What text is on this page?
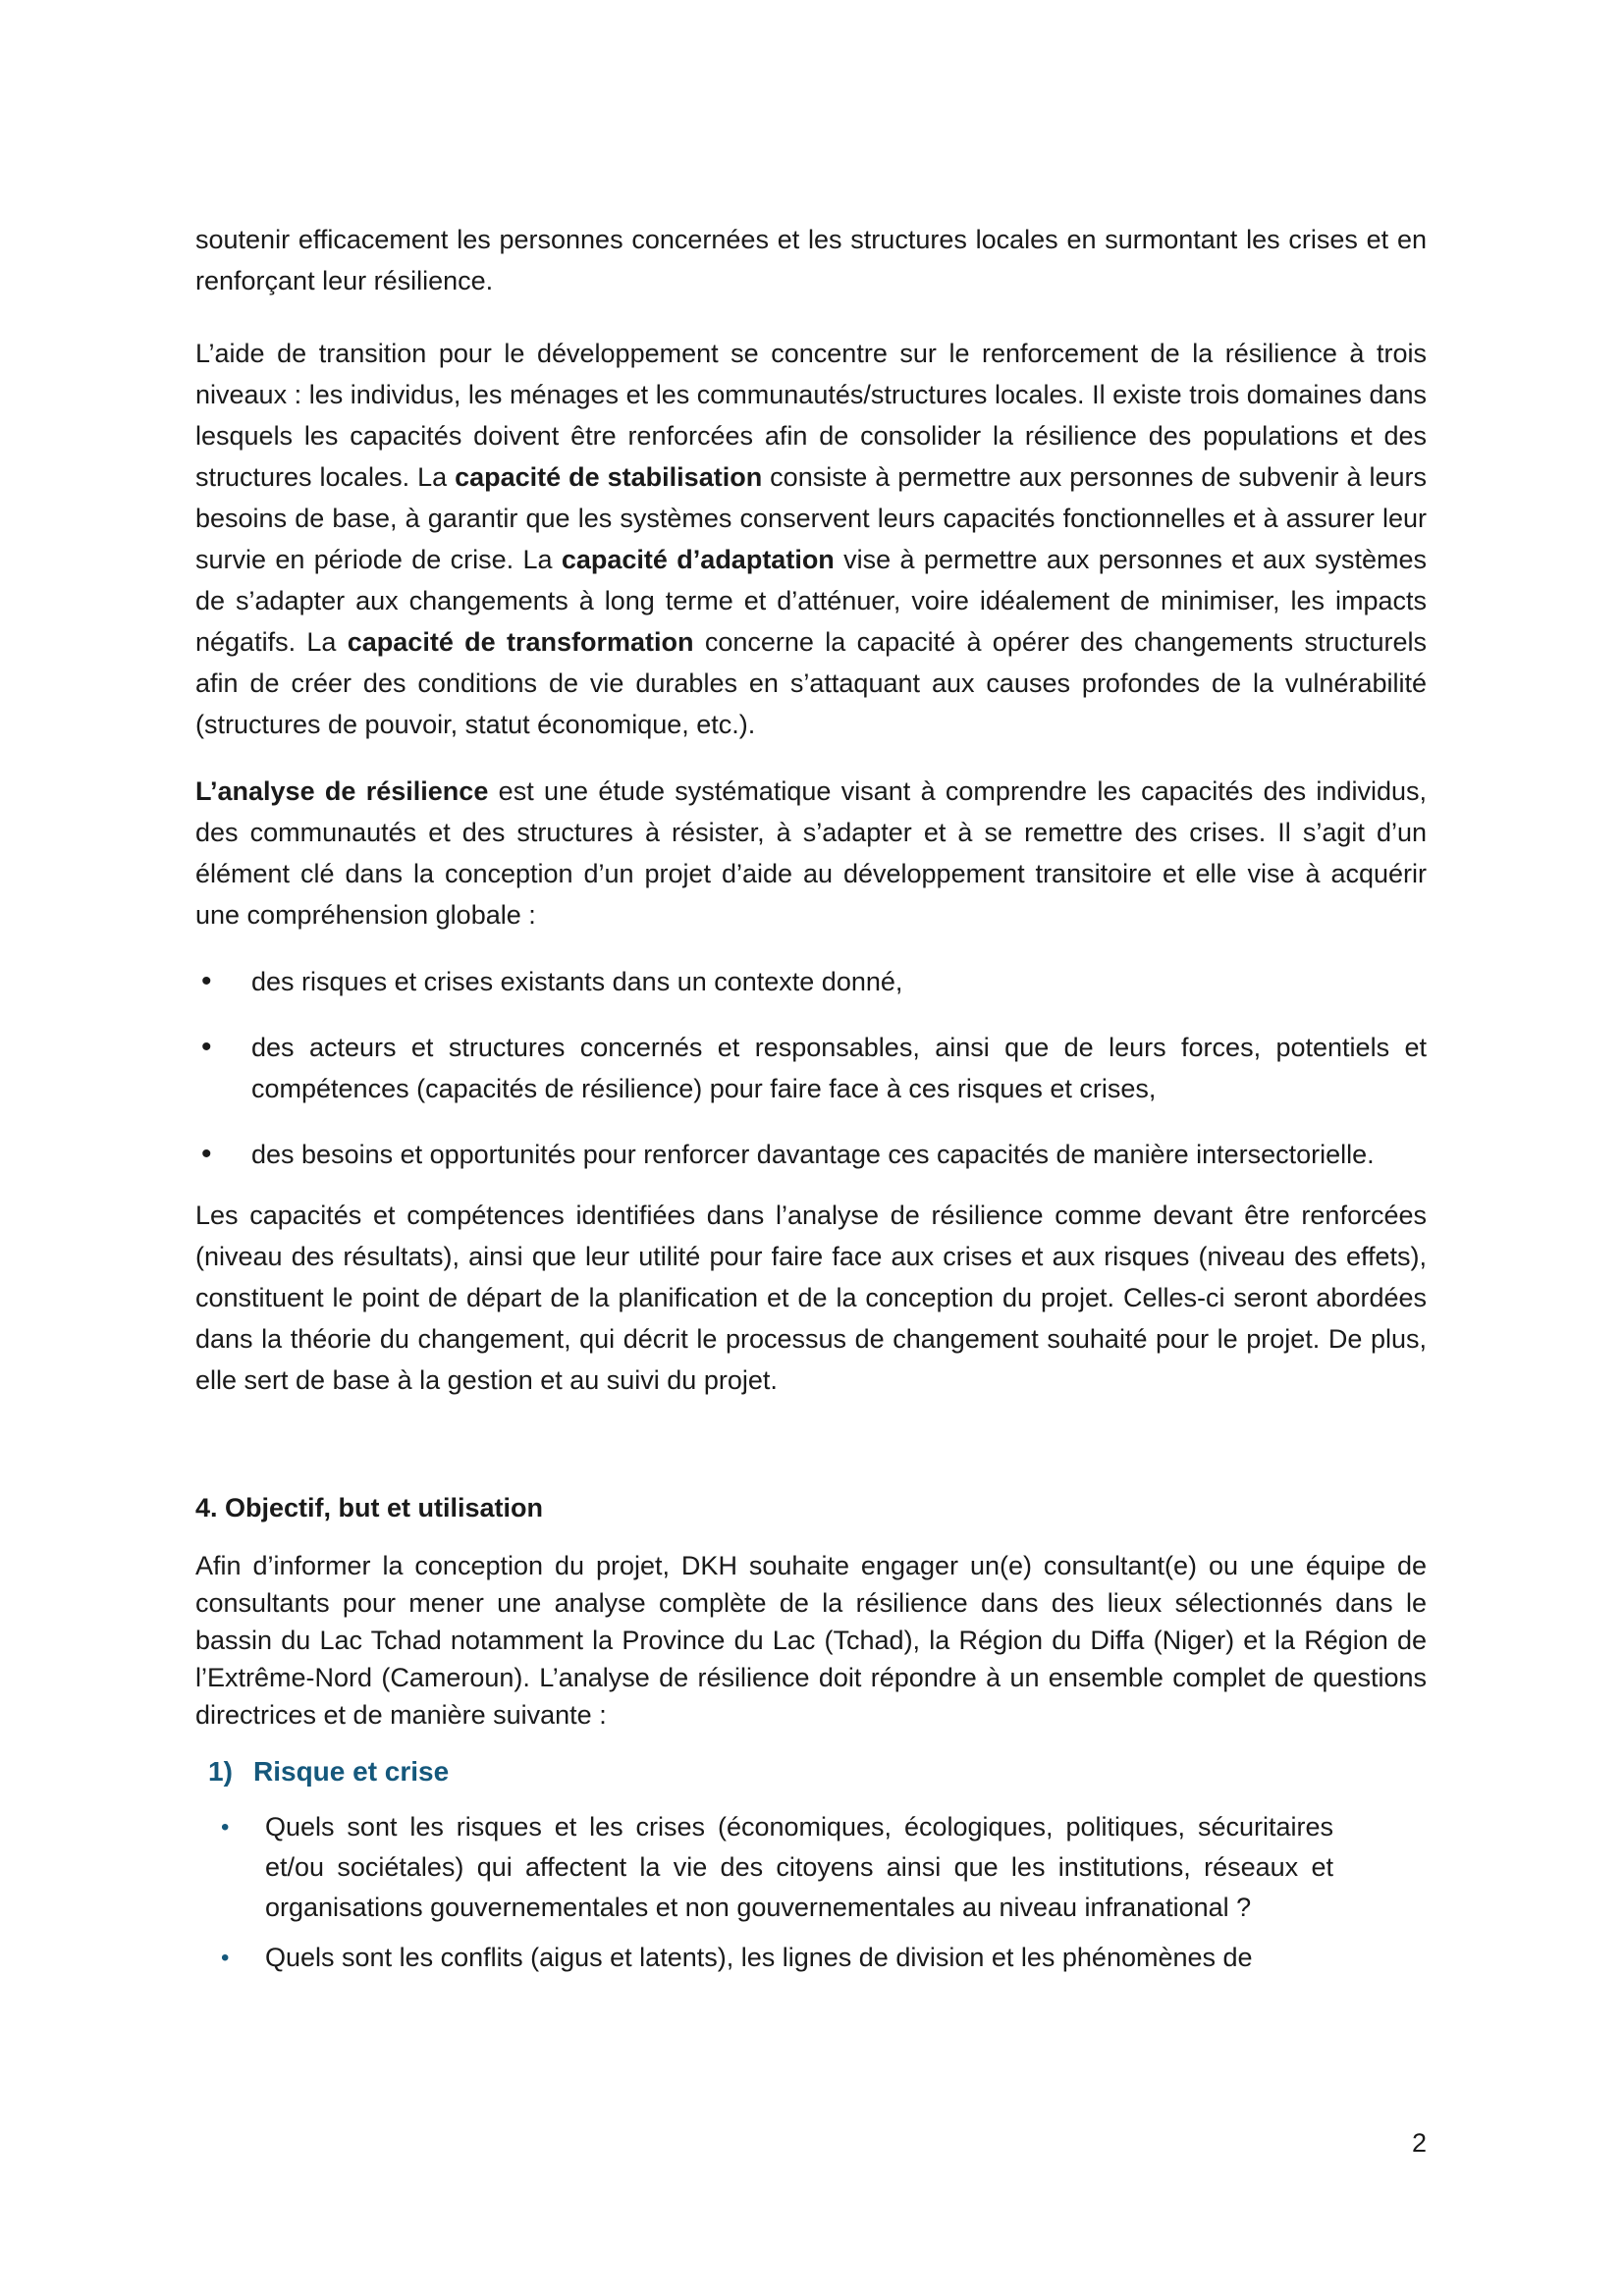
soutenir efficacement les personnes concernées et les structures locales en surmontant les crises et en renforçant leur résilience.

L’aide de transition pour le développement se concentre sur le renforcement de la résilience à trois niveaux : les individus, les ménages et les communautés/structures locales. Il existe trois domaines dans lesquels les capacités doivent être renforcées afin de consolider la résilience des populations et des structures locales. La capacité de stabilisation consiste à permettre aux personnes de subvenir à leurs besoins de base, à garantir que les systèmes conservent leurs capacités fonctionnelles et à assurer leur survie en période de crise. La capacité d’adaptation vise à permettre aux personnes et aux systèmes de s’adapter aux changements à long terme et d’atténuer, voire idéalement de minimiser, les impacts négatifs. La capacité de transformation concerne la capacité à opérer des changements structurels afin de créer des conditions de vie durables en s’attaquant aux causes profondes de la vulnérabilité (structures de pouvoir, statut économique, etc.).

L’analyse de résilience est une étude systématique visant à comprendre les capacités des individus, des communautés et des structures à résister, à s’adapter et à se remettre des crises. Il s’agit d’un élément clé dans la conception d’un projet d’aide au développement transitoire et elle vise à acquérir une compréhension globale :

• des risques et crises existants dans un contexte donné,
• des acteurs et structures concernés et responsables, ainsi que de leurs forces, potentiels et compétences (capacités de résilience) pour faire face à ces risques et crises,
• des besoins et opportunités pour renforcer davantage ces capacités de manière intersectorielle.

Les capacités et compétences identifiées dans l’analyse de résilience comme devant être renforcées (niveau des résultats), ainsi que leur utilité pour faire face aux crises et aux risques (niveau des effets), constituent le point de départ de la planification et de la conception du projet. Celles-ci seront abordées dans la théorie du changement, qui décrit le processus de changement souhaité pour le projet. De plus, elle sert de base à la gestion et au suivi du projet.

4. Objectif, but et utilisation

Afin d’informer la conception du projet, DKH souhaite engager un(e) consultant(e) ou une équipe de consultants pour mener une analyse complète de la résilience dans des lieux sélectionnés dans le bassin du Lac Tchad notamment la Province du Lac (Tchad), la Région du Diffa (Niger) et la Région de l’Extrême-Nord (Cameroun). L’analyse de résilience doit répondre à un ensemble complet de questions directrices et de manière suivante :

1) Risque et crise
• Quels sont les risques et les crises (économiques, écologiques, politiques, sécuritaires et/ou sociétales) qui affectent la vie des citoyens ainsi que les institutions, réseaux et organisations gouvernementales et non gouvernementales au niveau infranational ?
• Quels sont les conflits (aigus et latents), les lignes de division et les phénomènes de
2
